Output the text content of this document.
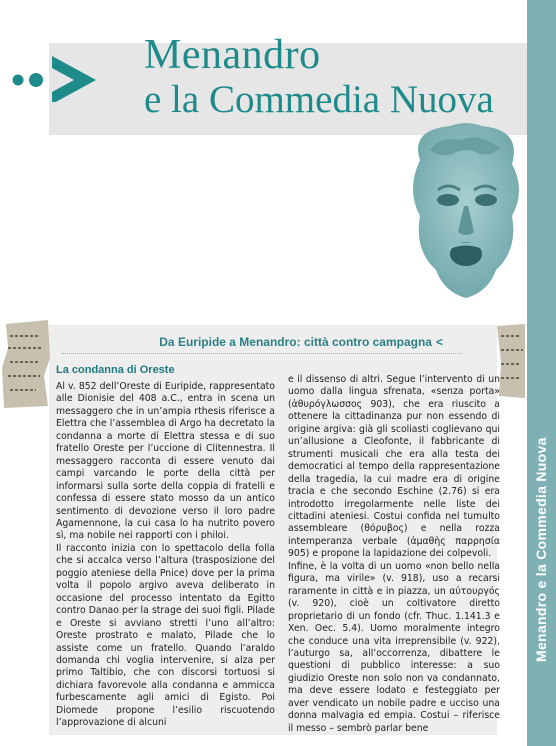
Menandro
e la Commedia Nuova
Menandro e la Commedia Nuova
Da Euripide a Menandro: città contro campagna <
La condanna di Oreste

Al v. 852 dell’Oreste di Euripide, rappresentato alle Dionisie del 408 a.C., entra in scena un messaggero che in un’ampia rthesis riferisce a Elettra che l’assemblea di Argo ha decretato la condanna a morte di Elettra stessa e di suo fratello Oreste per l’uccione di Clitennestra. Il messaggero racconta di essere venuto dai campi varcando le porte della città per informarsi sulla sorte della coppia di fratelli e confessa di essere stato mosso da un antico sentimento di devozione verso il loro padre Agamennone, la cui casa lo ha nutrito povero sì, ma nobile nei rapporti con i philoi.

Il racconto inizia con lo spettacolo della folla che si accalca verso l’altura (trasposizione del poggio ateniese della Pnice) dove per la prima volta il popolo argivo aveva deliberato in occasione del processo intentato da Egitto contro Danao per la strage dei suoi figli. Pilade e Oreste si avviano stretti l’uno all’altro: Oreste prostrato e malato, Pilade che lo assiste come un fratello. Quando l’araldo domanda chi voglia intervenire, si alza per primo Taltibio, che con discorsi tortuosi si dichiara favorevole alla condanna e ammicca furbescamente agli amici di Egisto. Poi Diomede propone l’esilio riscuotendo l’approvazione di alcuni

e il dissenso di altri. Segue l’intervento di un uomo dalla lingua sfrenata, «senza porta» (ἀθυρόγλωσσος 903), che era riuscito a ottenere la cittadinanza pur non essendo di origine argiva: già gli scoliasti coglievano qui un’allusione a Cleofonte, il fabbricante di strumenti musicali che era alla testa dei democratici al tempo della rappresentazione della tragedia, la cui madre era di origine tracia e che secondo Eschine (2.76) si era introdotto irregolarmente nelle liste dei cittadini ateniesi. Costui confida nel tumulto assembleare (θόρυβος) e nella rozza intemperanza verbale (ἀμαθὴς παρρησία 905) e propone la lapidazione dei colpevoli.

Infine, è la volta di un uomo «non bello nella figura, ma virile» (v. 918), uso a recarsi raramente in città e in piazza, un αὐτουργός (v. 920), cioè un coltivatore diretto proprietario di un fondo (cfr. Thuc. 1.141.3 e Xen. Oec. 5.4). Uomo moralmente integro che conduce una vita irreprensibile (v. 922), l’auturgo sa, all’occorrenza, dibattere le questioni di pubblico interesse: a suo giudizio Oreste non solo non va condannato, ma deve essere lodato e festeggiato per aver vendicato un nobile padre e ucciso una donna malvagia ed empia. Costui – riferisce il messo – sembrò parlar bene
